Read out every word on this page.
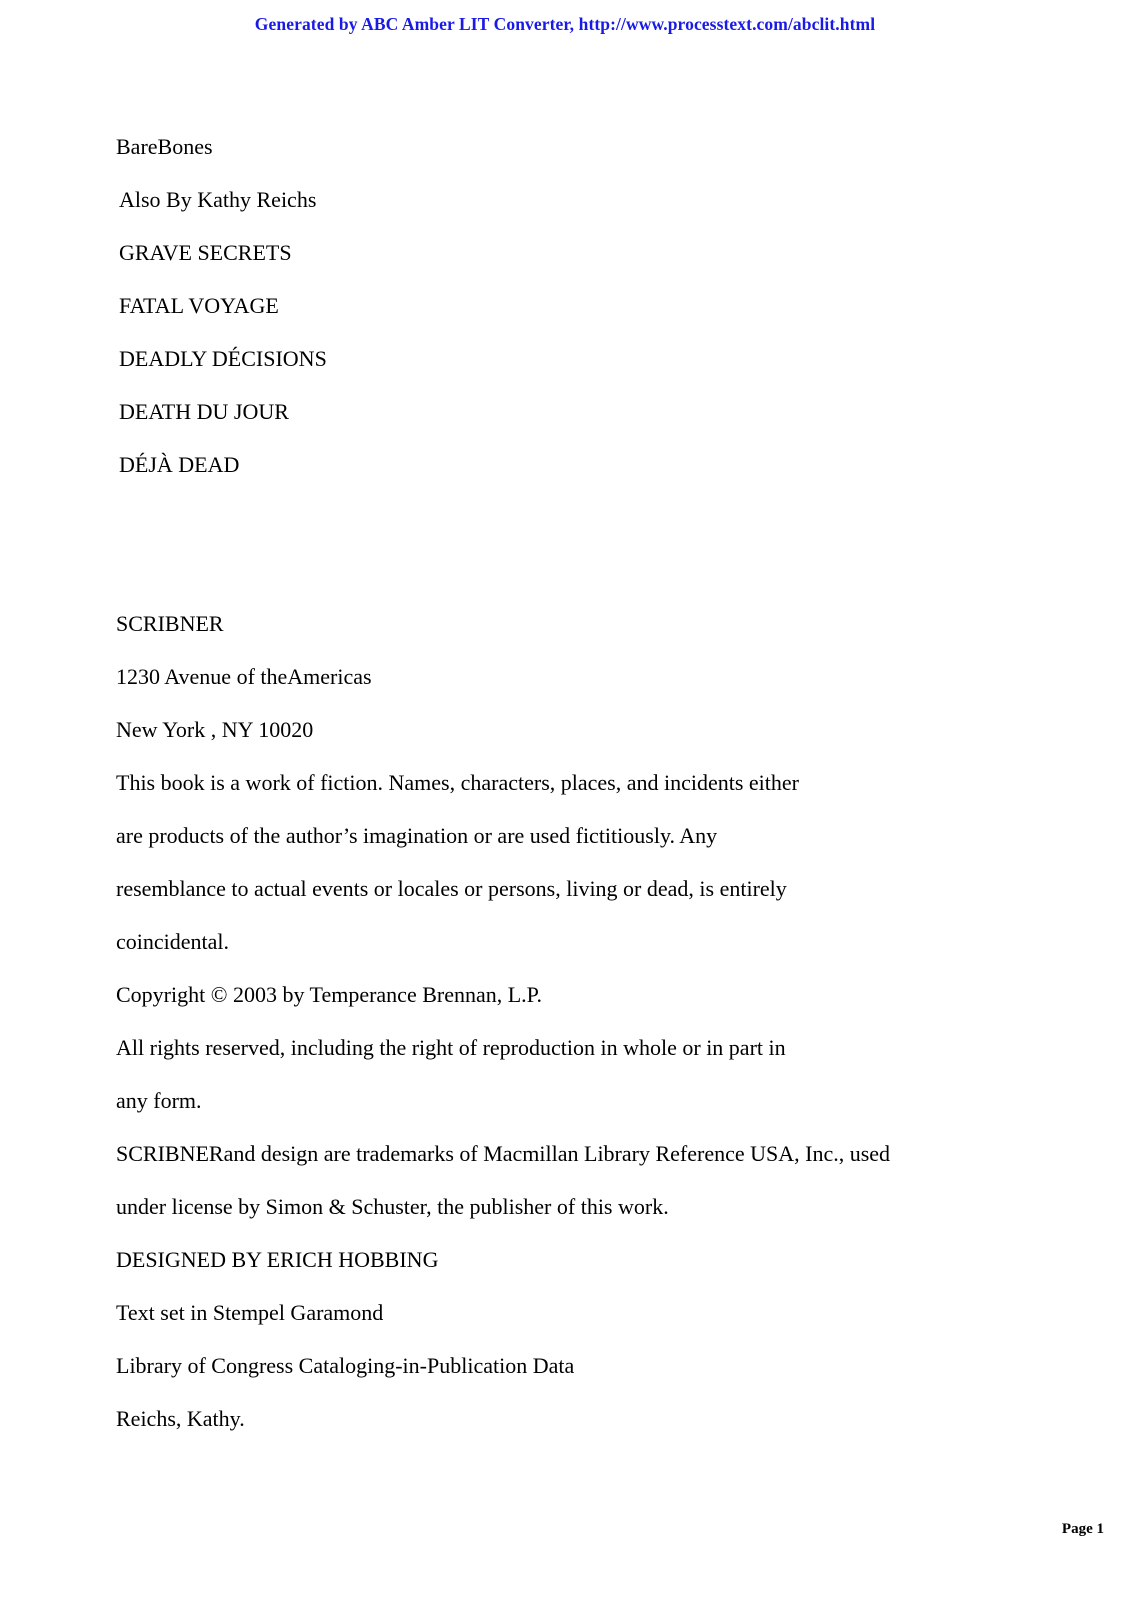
Generated by ABC Amber LIT Converter, http://www.processtext.com/abclit.html
BareBones
Also By Kathy Reichs
GRAVE SECRETS
FATAL VOYAGE
DEADLY DÉCISIONS
DEATH DU JOUR
DÉJÀ DEAD
SCRIBNER
1230 Avenue of theAmericas
New York , NY 10020
This book is a work of fiction. Names, characters, places, and incidents either
are products of the author’s imagination or are used fictitiously. Any
resemblance to actual events or locales or persons, living or dead, is entirely
coincidental.
Copyright © 2003 by Temperance Brennan, L.P.
All rights reserved, including the right of reproduction in whole or in part in
any form.
SCRIBNERand design are trademarks of Macmillan Library Reference USA, Inc., used
under license by Simon & Schuster, the publisher of this work.
DESIGNED BY ERICH HOBBING
Text set in Stempel Garamond
Library of Congress Cataloging-in-Publication Data
Reichs, Kathy.
Page 1
